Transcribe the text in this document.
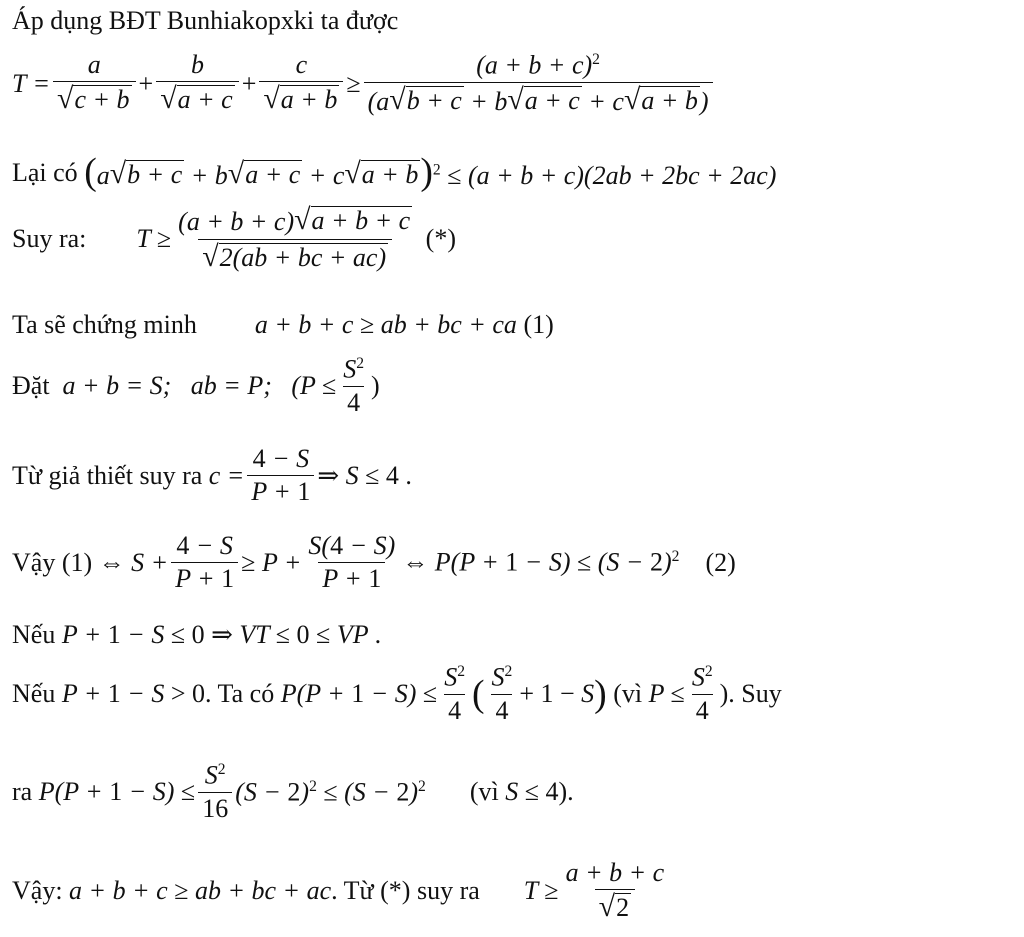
Áp dụng BĐT Bunhiakopxki ta được
$T = \frac{a}{√ c + b} + \frac{b}{√ a + c} + \frac{c}{√ a + b} \ge \frac{(a + b + c)^2}{(a √ b + c + b √ a + c + c √ a + b )}$
Lại có (a √ b + c + b √ a + c + c √ a + b )$^2$ ≤ (a + b + c)(2ab + 2bc + 2ac)
Suy ra: $T \ge \frac{(a + b + c) √ a + b + c}{√ 2(ab + bc + ac)}$
(*)
Ta sẽ chứng minh a + b + c ≥ ab + bc + ca
(1)
Đặt a + b = S;   ab = P;   ($P \le \frac{S^2}{4}$ )
Từ giả thiết suy ra $c = \frac{4 - S}{P + 1}$ ⇒ S ≤ 4 .
Vậy (1) ⇔ $S + \frac{4 - S}{P + 1} \ge P + \frac{S(4 - S)}{P + 1}$ ⇔ $P(P + 1 - S) \le (S - 2)^2$ (2)
Nếu P + 1 − S ≤ 0 ⇒ VT ≤ 0 ≤ VP .
Nếu P + 1 − S > 0 . Ta có $P(P + 1 - S) \le \frac{S^2}{4}$ ( $\frac{S^2}{4} + 1 - S$ )
(vì $P \le \frac{S^2}{4}$ ). Suy
ra $P(P + 1 - S) \le \frac{S^2}{16} (S - 2)^2 \le (S - 2)^2$ (vì S ≤ 4 ).
Vậy: a + b + c ≥ ab + bc + ac . Từ (*) suy ra $T \ge \frac{a + b + c}{√ 2}$
